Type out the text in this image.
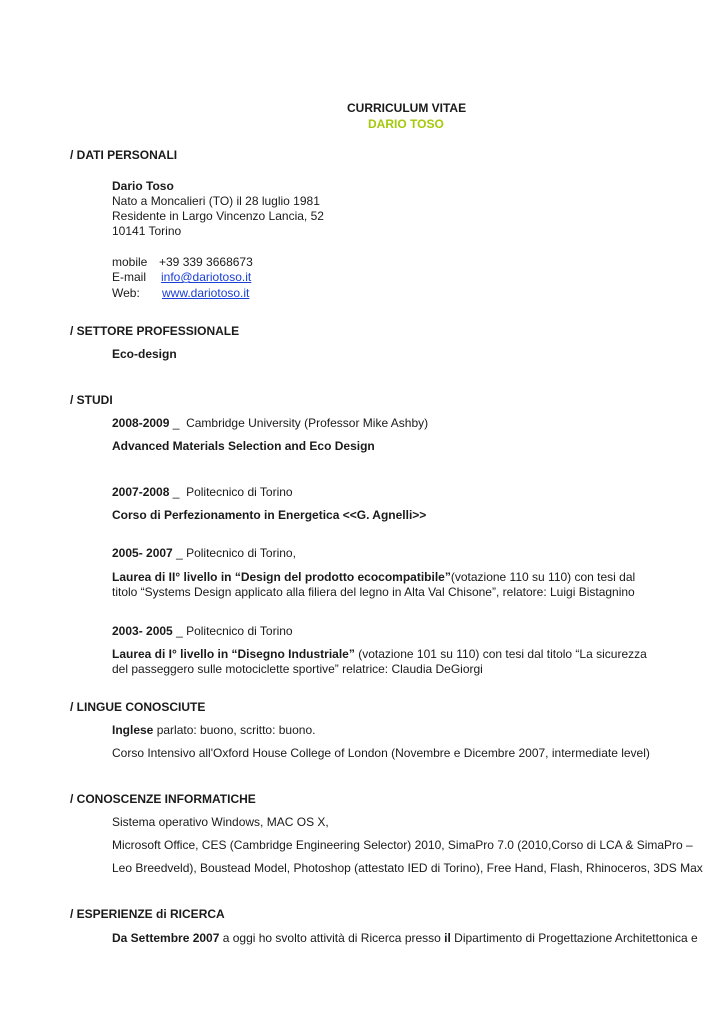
CURRICULUM VITAE
DARIO TOSO
/ DATI PERSONALI
Dario Toso
Nato a Moncalieri (TO) il 28 luglio 1981
Residente in Largo Vincenzo Lancia, 52
10141 Torino
mobile +39 339 3668673
E-mail info@dariotoso.it
Web: www.dariotoso.it
/ SETTORE PROFESSIONALE
Eco-design
/ STUDI
2008-2009 _  Cambridge University (Professor Mike Ashby)
Advanced Materials Selection and Eco Design
2007-2008 _  Politecnico di Torino
Corso di Perfezionamento in Energetica <<G. Agnelli>>
2005- 2007 _ Politecnico di Torino,
Laurea di II° livello in “Design del prodotto ecocompatibile”(votazione 110 su 110) con tesi dal titolo “Systems Design applicato alla filiera del legno in Alta Val Chisone”, relatore: Luigi Bistagnino
2003- 2005 _ Politecnico di Torino
Laurea di I° livello in “Disegno Industriale” (votazione 101 su 110) con tesi dal titolo “La sicurezza del passeggero sulle motociclette sportive” relatrice: Claudia DeGiorgi
/ LINGUE CONOSCIUTE
Inglese parlato: buono, scritto: buono.
Corso Intensivo all'Oxford House College of London (Novembre e Dicembre 2007, intermediate level)
/ CONOSCENZE INFORMATICHE
Sistema operativo Windows, MAC OS X,
Microsoft Office, CES (Cambridge Engineering Selector) 2010, SimaPro 7.0 (2010,Corso di LCA & SimaPro –
Leo Breedveld), Boustead Model, Photoshop (attestato IED di Torino), Free Hand, Flash, Rhinoceros, 3DS Max
/ ESPERIENZE di RICERCA
Da Settembre 2007 a oggi ho svolto attività di Ricerca presso il Dipartimento di Progettazione Architettonica e
